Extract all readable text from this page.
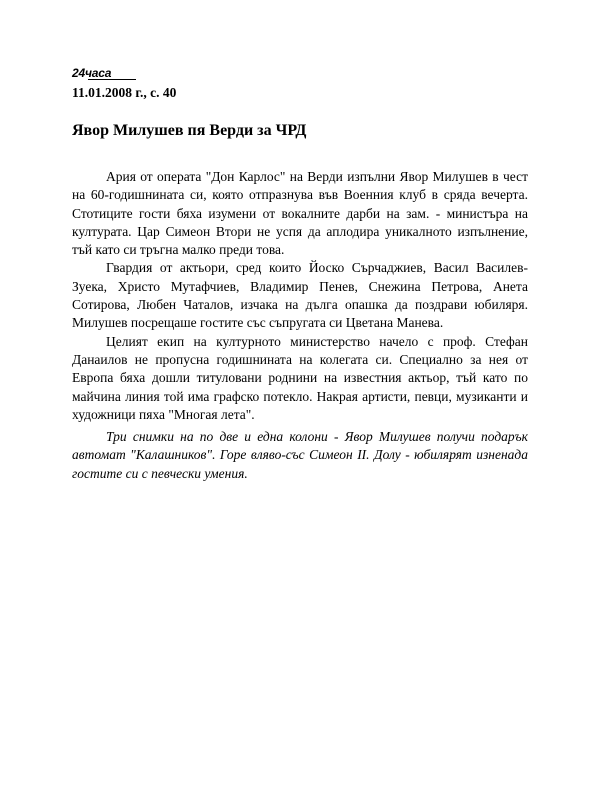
24часа
11.01.2008 г., с. 40
Явор Милушев пя Верди за ЧРД

Ария от операта "Дон Карлос" на Верди изпълни Явор Милушев в чест на 60-годишнината си, която отпразнува във Военния клуб в сряда вечерта. Стотиците гости бяха изумени от вокалните дарби на зам. - министъра на културата. Цар Симеон Втори не успя да аплодира уникалното изпълнение, тъй като си тръгна малко преди това.

Гвардия от актьори, сред които Йоско Сърчаджиев, Васил Василев-Зуека, Христо Мутафчиев, Владимир Пенев, Снежина Петрова, Анета Сотирова, Любен Чаталов, изчака на дълга опашка да поздрави юбиляря. Милушев посрещаше гостите със съпругата си Цветана Манева.

Целият екип на културното министерство начело с проф. Стефан Данаилов не пропусна годишнината на колегата си. Специално за нея от Европа бяха дошли титуловани роднини на известния актьор, тъй като по майчина линия той има графско потекло. Накрая артисти, певци, музиканти и художници пяха "Многая лета".

Три снимки на по две и една колони - Явор Милушев получи подарък автомат "Калашников". Горе вляво-със Симеон II. Долу - юбилярят изненада гостите си с певчески умения.
